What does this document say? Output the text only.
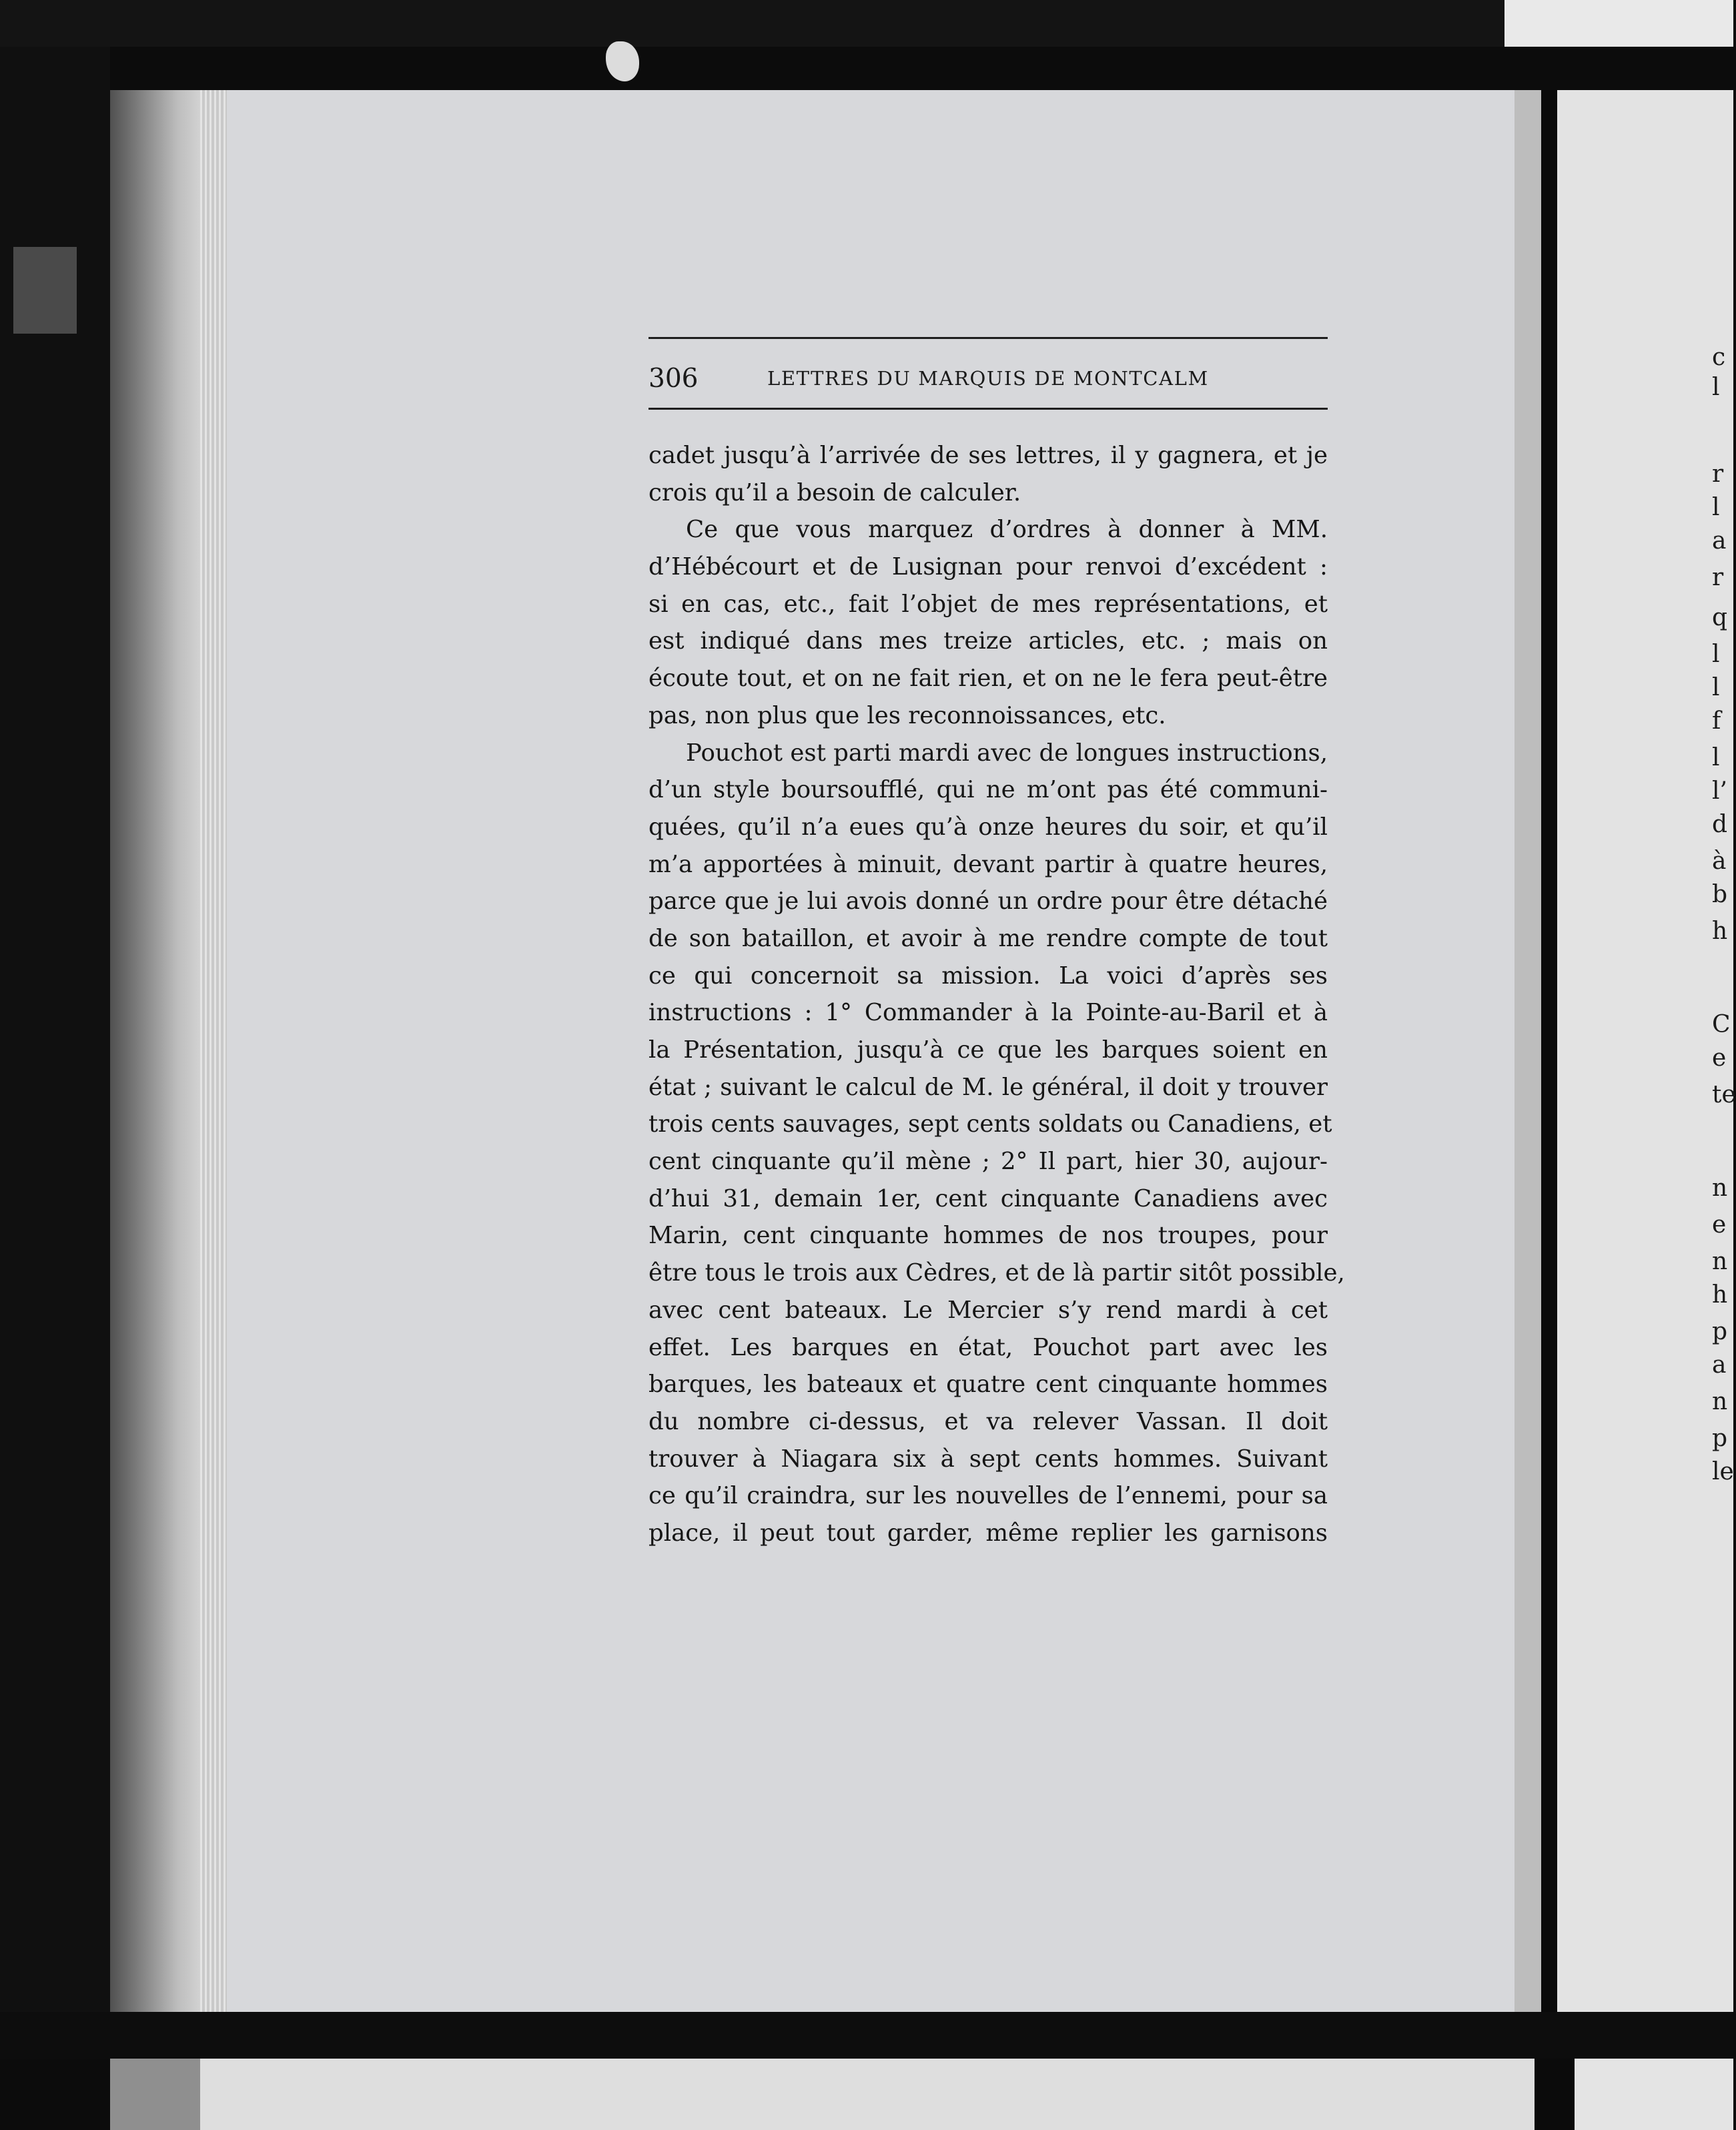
c
l
r
l
a
r
q
l
l
f
l
l’
d
à
b
h
C
e
te
n
e
n
h
p
a
n
p
le
306	LETTRES DU MARQUIS DE MONTCALM
cadet jusqu’à l’arrivée de ses lettres, il y gagnera, et je
crois qu’il a besoin de calculer.
Ce que vous marquez d’ordres à donner à MM.
d’Hébécourt et de Lusignan pour renvoi d’excédent :
si en cas, etc., fait l’objet de mes représentations, et
est indiqué dans mes treize articles, etc. ; mais on
écoute tout, et on ne fait rien, et on ne le fera peut-être
pas, non plus que les reconnoissances, etc.
Pouchot est parti mardi avec de longues instructions,
d’un style boursoufflé, qui ne m’ont pas été communi-
quées, qu’il n’a eues qu’à onze heures du soir, et qu’il
m’a apportées à minuit, devant partir à quatre heures,
parce que je lui avois donné un ordre pour être détaché
de son bataillon, et avoir à me rendre compte de tout
ce qui concernoit sa mission. La voici d’après ses
instructions : 1° Commander à la Pointe-au-Baril et à
la Présentation, jusqu’à ce que les barques soient en
état ; suivant le calcul de M. le général, il doit y trouver
trois cents sauvages, sept cents soldats ou Canadiens, et
cent cinquante qu’il mène ; 2° Il part, hier 30, aujour-
d’hui 31, demain 1er, cent cinquante Canadiens avec
Marin, cent cinquante hommes de nos troupes, pour
être tous le trois aux Cèdres, et de là partir sitôt possible,
avec cent bateaux. Le Mercier s’y rend mardi à cet
effet. Les barques en état, Pouchot part avec les
barques, les bateaux et quatre cent cinquante hommes
du nombre ci-dessus, et va relever Vassan. Il doit
trouver à Niagara six à sept cents hommes. Suivant
ce qu’il craindra, sur les nouvelles de l’ennemi, pour sa
place, il peut tout garder, même replier les garnisons
